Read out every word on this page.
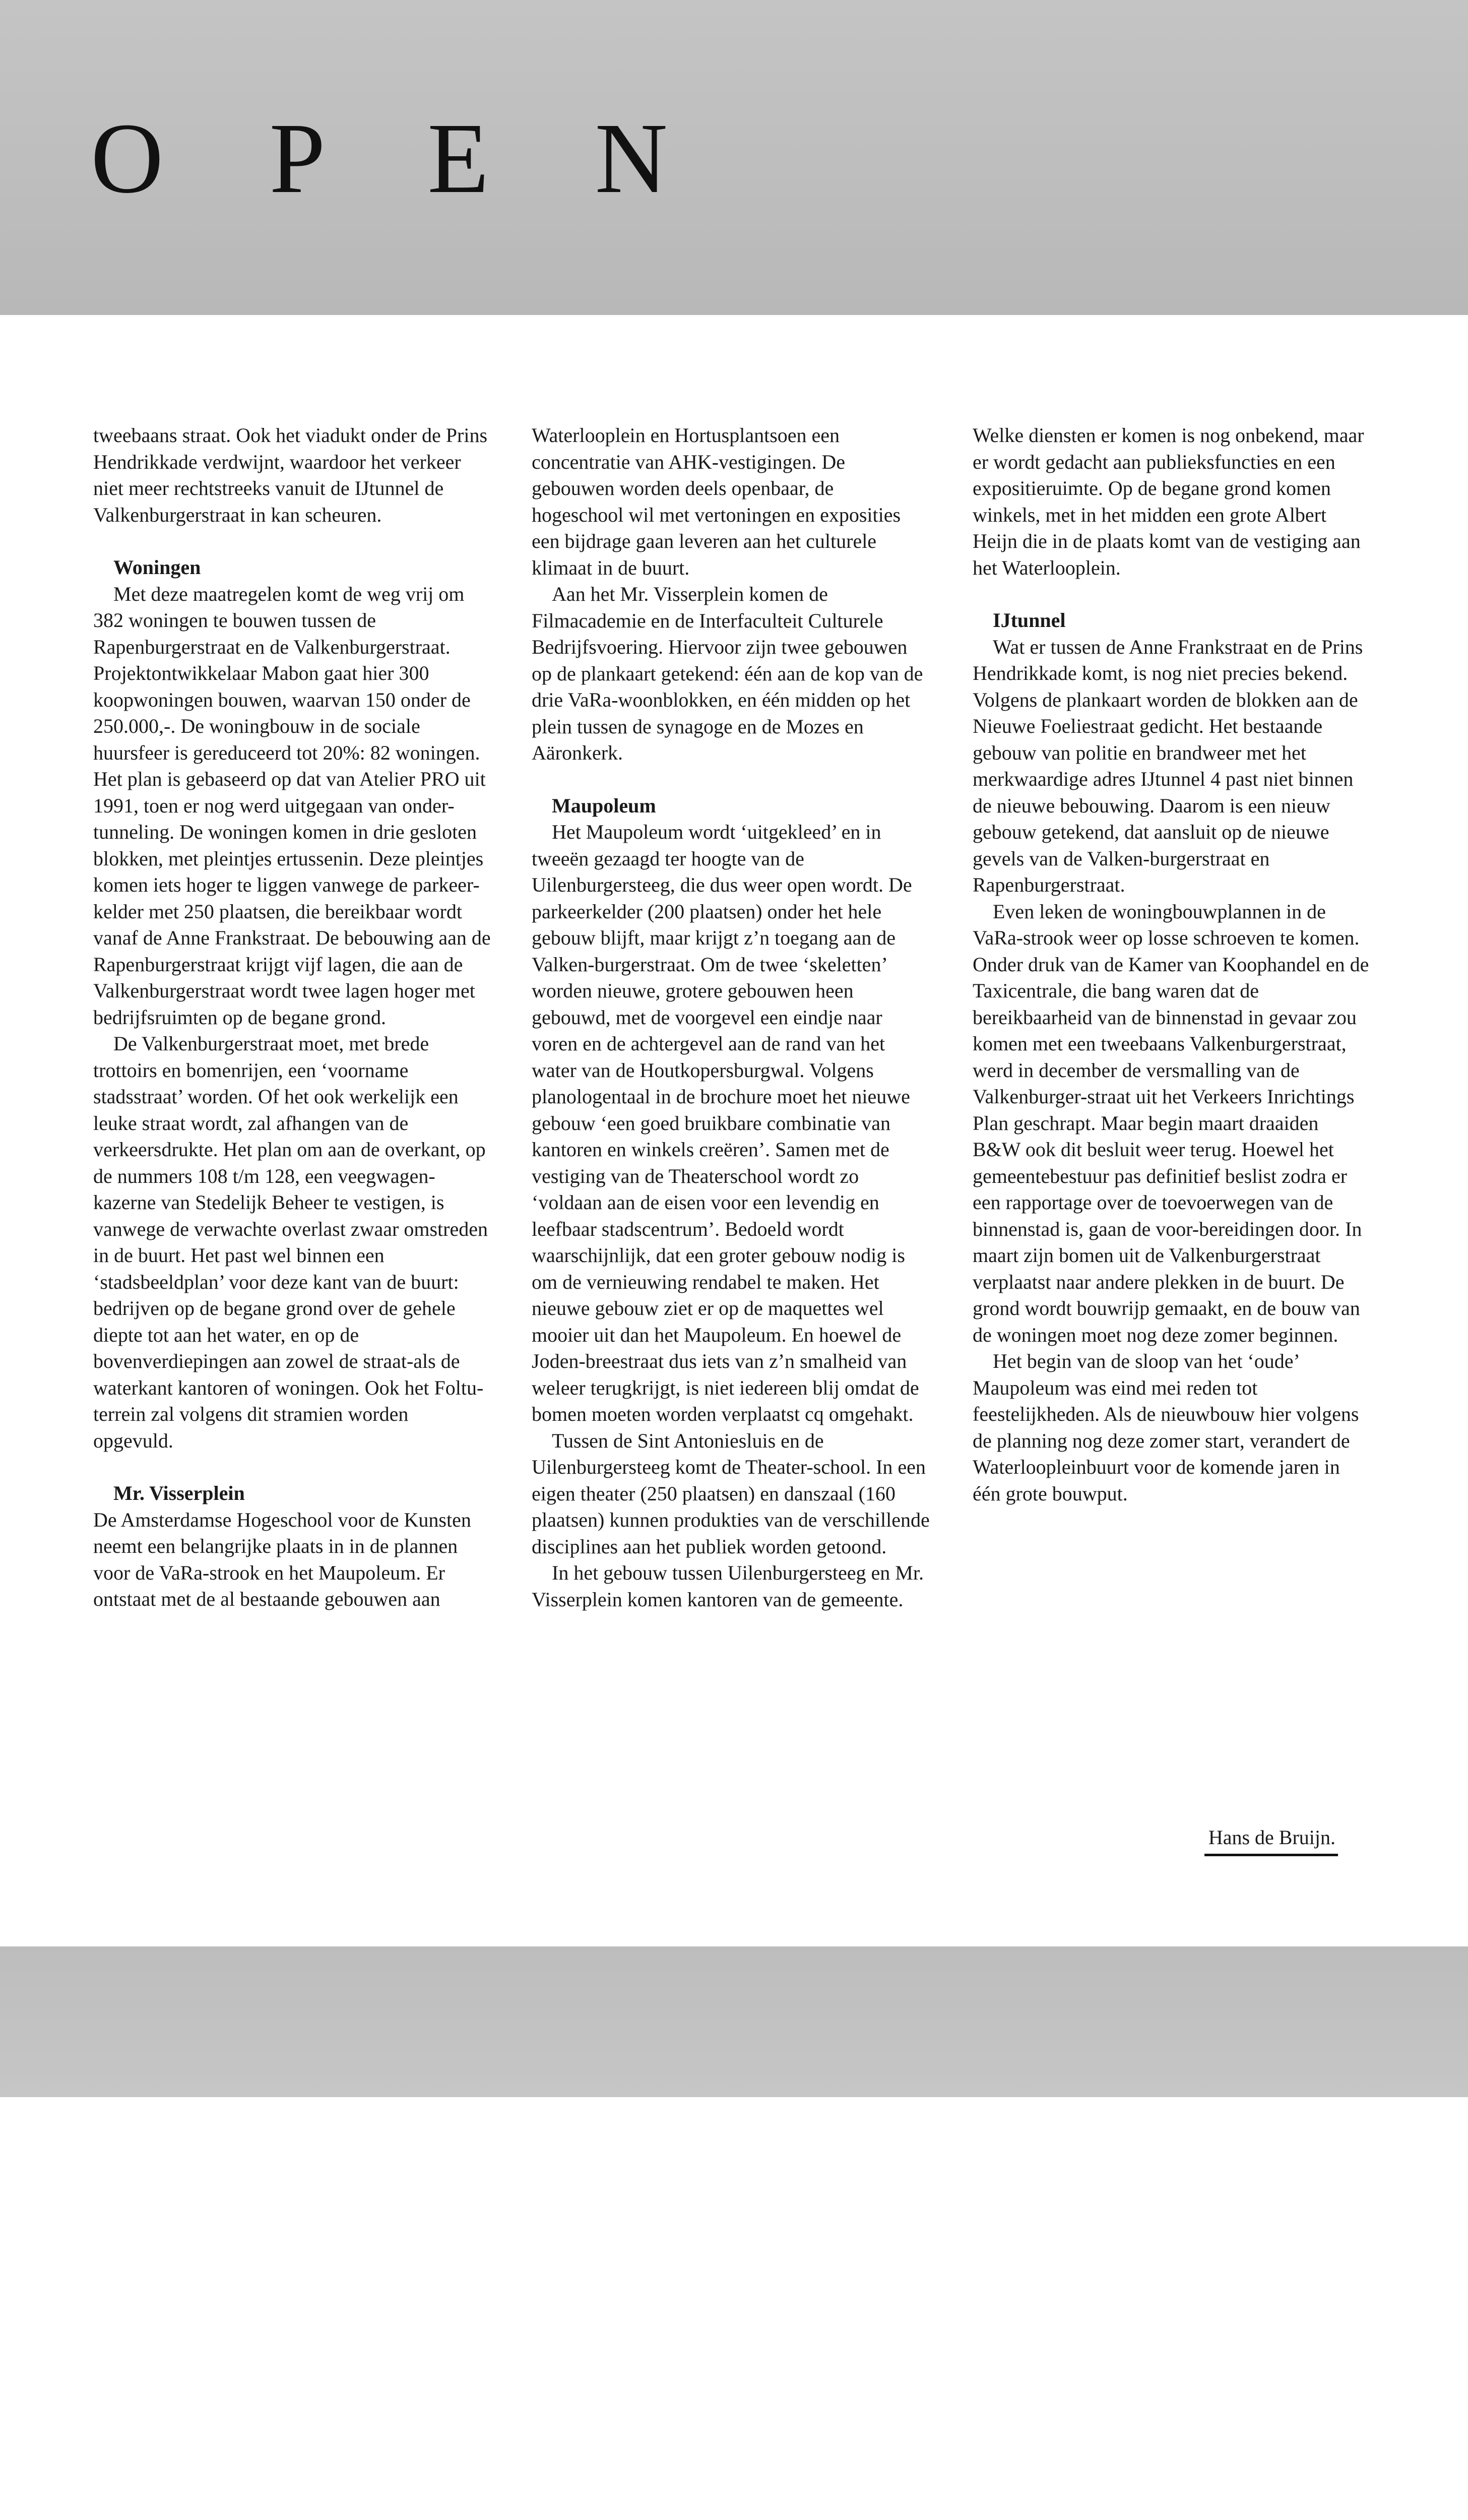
O P E N

tweebaans straat. Ook het viadukt onder de Prins Hendrikkade verdwijnt, waardoor het verkeer niet meer rechtstreeks vanuit de IJtunnel de Valkenburgerstraat in kan scheuren.

Woningen

Met deze maatregelen komt de weg vrij om 382 woningen te bouwen tussen de Rapenburgerstraat en de Valkenburgerstraat. Projektontwikkelaar Mabon gaat hier 300 koopwoningen bouwen, waarvan 150 onder de 250.000,-. De woningbouw in de sociale huursfeer is gereduceerd tot 20%: 82 woningen. Het plan is gebaseerd op dat van Atelier PRO uit 1991, toen er nog werd uitgegaan van onder-tunneling. De woningen komen in drie gesloten blokken, met pleintjes ertussenin. Deze pleintjes komen iets hoger te liggen vanwege de parkeer-kelder met 250 plaatsen, die bereikbaar wordt vanaf de Anne Frankstraat. De bebouwing aan de Rapenburgerstraat krijgt vijf lagen, die aan de Valkenburgerstraat wordt twee lagen hoger met bedrijfsruimten op de begane grond.

De Valkenburgerstraat moet, met brede trottoirs en bomenrijen, een ‘voorname stadsstraat’ worden. Of het ook werkelijk een leuke straat wordt, zal afhangen van de verkeersdrukte. Het plan om aan de overkant, op de nummers 108 t/m 128, een veegwagen-kazerne van Stedelijk Beheer te vestigen, is vanwege de verwachte overlast zwaar omstreden in de buurt. Het past wel binnen een ‘stadsbeeldplan’ voor deze kant van de buurt: bedrijven op de begane grond over de gehele diepte tot aan het water, en op de bovenverdiepingen aan zowel de straat-als de waterkant kantoren of woningen. Ook het Foltu-terrein zal volgens dit stramien worden opgevuld.

Mr. Visserplein

De Amsterdamse Hogeschool voor de Kunsten neemt een belangrijke plaats in in de plannen voor de VaRa-strook en het Maupoleum. Er ontstaat met de al bestaande gebouwen aan

Waterlooplein en Hortusplantsoen een concentratie van AHK-vestigingen. De gebouwen worden deels openbaar, de hogeschool wil met vertoningen en exposities een bijdrage gaan leveren aan het culturele klimaat in de buurt.

Aan het Mr. Visserplein komen de Filmacademie en de Interfaculteit Culturele Bedrijfsvoering. Hiervoor zijn twee gebouwen op de plankaart getekend: één aan de kop van de drie VaRa-woonblokken, en één midden op het plein tussen de synagoge en de Mozes en Aäronkerk.

Maupoleum

Het Maupoleum wordt ‘uitgekleed’ en in tweeën gezaagd ter hoogte van de Uilenburgersteeg, die dus weer open wordt. De parkeerkelder (200 plaatsen) onder het hele gebouw blijft, maar krijgt z’n toegang aan de Valken-burgerstraat. Om de twee ‘skeletten’ worden nieuwe, grotere gebouwen heen gebouwd, met de voorgevel een eindje naar voren en de achtergevel aan de rand van het water van de Houtkopersburgwal. Volgens planologentaal in de brochure moet het nieuwe gebouw ‘een goed bruikbare combinatie van kantoren en winkels creëren’. Samen met de vestiging van de Theaterschool wordt zo ‘voldaan aan de eisen voor een levendig en leefbaar stadscentrum’. Bedoeld wordt waarschijnlijk, dat een groter gebouw nodig is om de vernieuwing rendabel te maken. Het nieuwe gebouw ziet er op de maquettes wel mooier uit dan het Maupoleum. En hoewel de Joden-breestraat dus iets van z’n smalheid van weleer terugkrijgt, is niet iedereen blij omdat de bomen moeten worden verplaatst cq omgehakt.

Tussen de Sint Antoniesluis en de Uilenburgersteeg komt de Theater-school. In een eigen theater (250 plaatsen) en danszaal (160 plaatsen) kunnen produkties van de verschillende disciplines aan het publiek worden getoond.

In het gebouw tussen Uilenburgersteeg en Mr. Visserplein komen kantoren van de gemeente.

Welke diensten er komen is nog onbekend, maar er wordt gedacht aan publieksfuncties en een expositieruimte. Op de begane grond komen winkels, met in het midden een grote Albert Heijn die in de plaats komt van de vestiging aan het Waterlooplein.

IJtunnel

Wat er tussen de Anne Frankstraat en de Prins Hendrikkade komt, is nog niet precies bekend. Volgens de plankaart worden de blokken aan de Nieuwe Foeliestraat gedicht. Het bestaande gebouw van politie en brandweer met het merkwaardige adres IJtunnel 4 past niet binnen de nieuwe bebouwing. Daarom is een nieuw gebouw getekend, dat aansluit op de nieuwe gevels van de Valken-burgerstraat en Rapenburgerstraat.

Even leken de woningbouwplannen in de VaRa-strook weer op losse schroeven te komen. Onder druk van de Kamer van Koophandel en de Taxicentrale, die bang waren dat de bereikbaarheid van de binnenstad in gevaar zou komen met een tweebaans Valkenburgerstraat, werd in december de versmalling van de Valkenburger-straat uit het Verkeers Inrichtings Plan geschrapt. Maar begin maart draaiden B&W ook dit besluit weer terug. Hoewel het gemeentebestuur pas definitief beslist zodra er een rapportage over de toevoerwegen van de binnenstad is, gaan de voor-bereidingen door. In maart zijn bomen uit de Valkenburgerstraat verplaatst naar andere plekken in de buurt. De grond wordt bouwrijp gemaakt, en de bouw van de woningen moet nog deze zomer beginnen.

Het begin van de sloop van het ‘oude’ Maupoleum was eind mei reden tot feestelijkheden. Als de nieuwbouw hier volgens de planning nog deze zomer start, verandert de Waterloopleinbuurt voor de komende jaren in één grote bouwput.

Hans de Bruijn.
